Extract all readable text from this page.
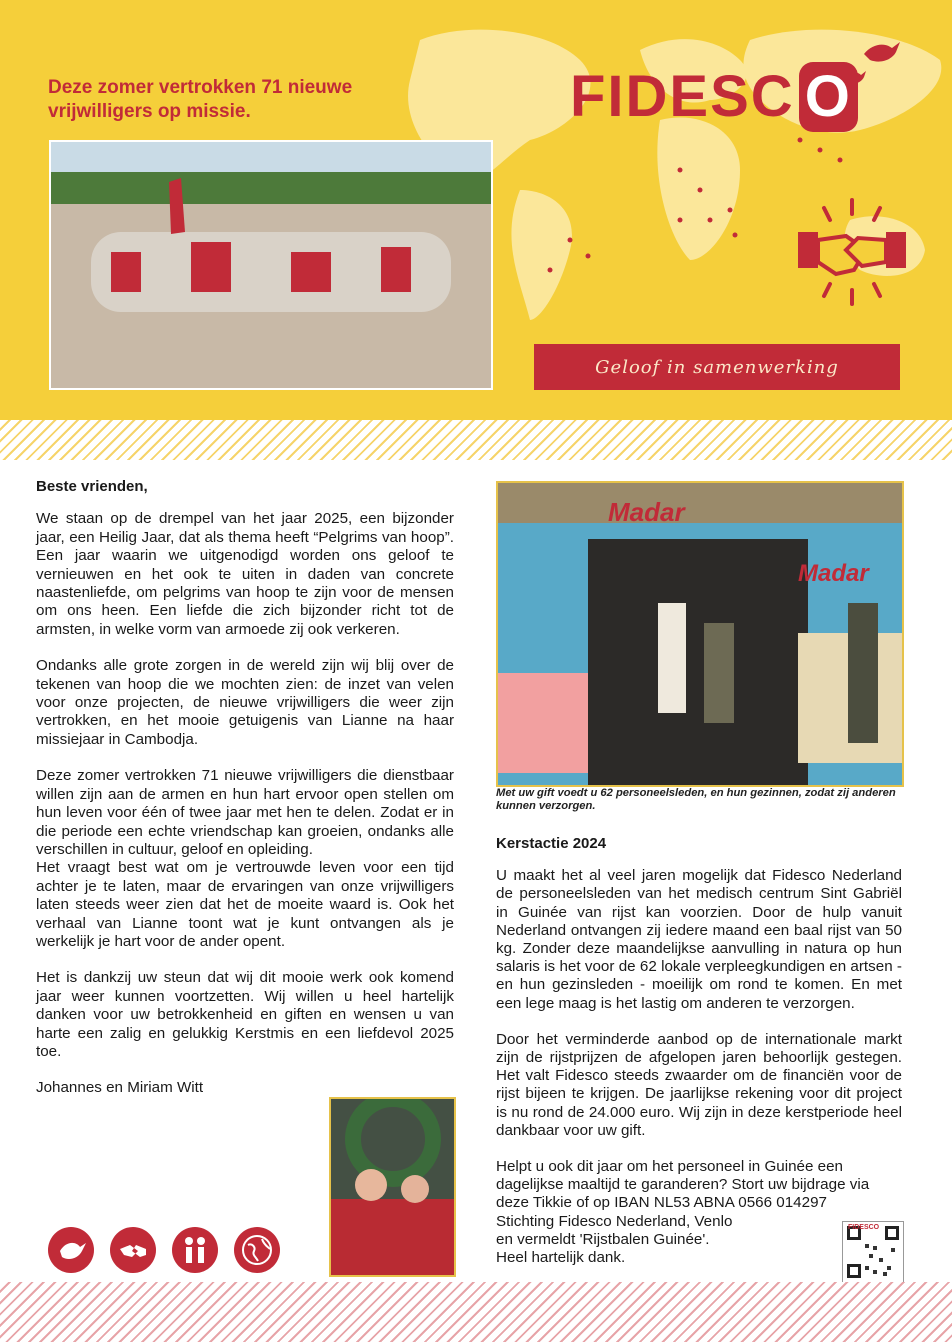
Deze zomer vertrokken 71 nieuwe vrijwilligers op missie.	FIDESC O
Geloof in samenwerking
Beste vrienden,

We staan op de drempel van het jaar 2025, een bijzonder jaar, een Heilig Jaar, dat als thema heeft “Pelgrims van hoop”. Een jaar waarin we uitgenodigd worden ons geloof te vernieuwen en het ook te uiten in daden van concrete naastenliefde, om pelgrims van hoop te zijn voor de mensen om ons heen. Een liefde die zich bijzonder richt tot de armsten, in welke vorm van armoede zij ook verkeren.

Ondanks alle grote zorgen in de wereld zijn wij blij over de tekenen van hoop die we mochten zien: de inzet van velen voor onze projecten, de nieuwe vrijwilligers die weer zijn vertrokken, en het mooie getuigenis van Lianne na haar missiejaar in Cambodja.

Deze zomer vertrokken 71 nieuwe vrijwilligers die dienstbaar willen zijn aan de armen en hun hart ervoor open stellen om hun leven voor één of twee jaar met hen te delen. Zodat er in die periode een echte vriendschap kan groeien, ondanks alle verschillen in cultuur, geloof en opleiding.

Het vraagt best wat om je vertrouwde leven voor een tijd achter je te laten, maar de ervaringen van onze vrijwilligers laten steeds weer zien dat het de moeite waard is. Ook het verhaal van Lianne toont wat je kunt ontvangen als je werkelijk je hart voor de ander opent.

Het is dankzij uw steun dat wij dit mooie werk ook komend jaar weer kunnen voortzetten. Wij willen u heel hartelijk danken voor uw betrokkenheid en giften en wensen u van harte een zalig en gelukkig Kerstmis en een liefdevol 2025 toe.

Johannes en Miriam Witt

Madar
Madar
Met uw gift voedt u 62 personeelsleden, en hun gezinnen, zodat zij anderen kunnen verzorgen.
Kerstactie 2024

U maakt het al veel jaren mogelijk dat Fidesco Nederland de personeelsleden van het medisch centrum Sint Gabriël in Guinée van rijst kan voorzien. Door de hulp vanuit Nederland ontvangen zij iedere maand een baal rijst van 50 kg. Zonder deze maandelijkse aanvulling in natura op hun salaris is het voor de 62 lokale verpleegkundigen en artsen - en hun gezinsleden - moeilijk om rond te komen. En met een lege maag is het lastig om anderen te verzorgen.

Door het verminderde aanbod op de internationale markt zijn de rijstprijzen de afgelopen jaren behoorlijk gestegen. Het valt Fidesco steeds zwaarder om de financiën voor de rijst bijeen te krijgen. De jaarlijkse rekening voor dit project is nu rond de 24.000 euro. Wij zijn in deze kerstperiode heel dankbaar voor uw gift.

Helpt u ook dit jaar om het personeel in Guinée een
dagelijkse maaltijd te garanderen? Stort uw bijdrage via
deze Tikkie of op IBAN NL53 ABNA 0566 014297
Stichting Fidesco Nederland, Venlo
en vermeldt 'Rijstbalen Guinée'.
Heel hartelijk dank.
FIDESCO
